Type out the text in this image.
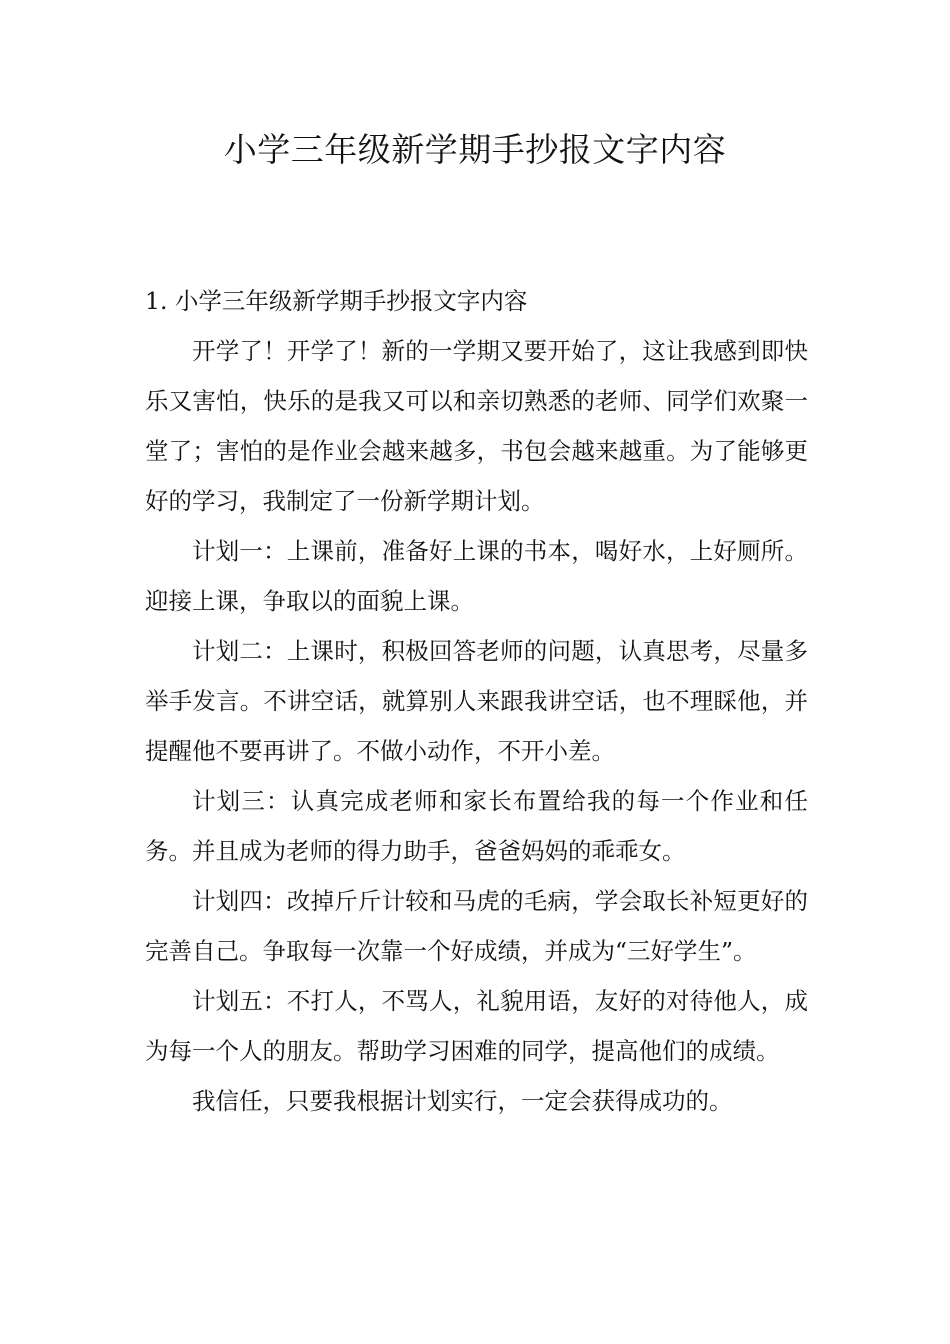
小学三年级新学期手抄报文字内容

1. 小学三年级新学期手抄报文字内容

开学了！开学了！新的一学期又要开始了，这让我感到即快乐又害怕，快乐的是我又可以和亲切熟悉的老师、同学们欢聚一堂了；害怕的是作业会越来越多，书包会越来越重。为了能够更好的学习，我制定了一份新学期计划。

计划一：上课前，准备好上课的书本，喝好水，上好厕所。迎接上课，争取以的面貌上课。

计划二：上课时，积极回答老师的问题，认真思考，尽量多举手发言。不讲空话，就算别人来跟我讲空话，也不理睬他，并提醒他不要再讲了。不做小动作，不开小差。

计划三：认真完成老师和家长布置给我的每一个作业和任务。并且成为老师的得力助手，爸爸妈妈的乖乖女。

计划四：改掉斤斤计较和马虎的毛病，学会取长补短更好的完善自己。争取每一次靠一个好成绩，并成为“三好学生”。

计划五：不打人，不骂人，礼貌用语，友好的对待他人，成为每一个人的朋友。帮助学习困难的同学，提高他们的成绩。

我信任，只要我根据计划实行，一定会获得成功的。
